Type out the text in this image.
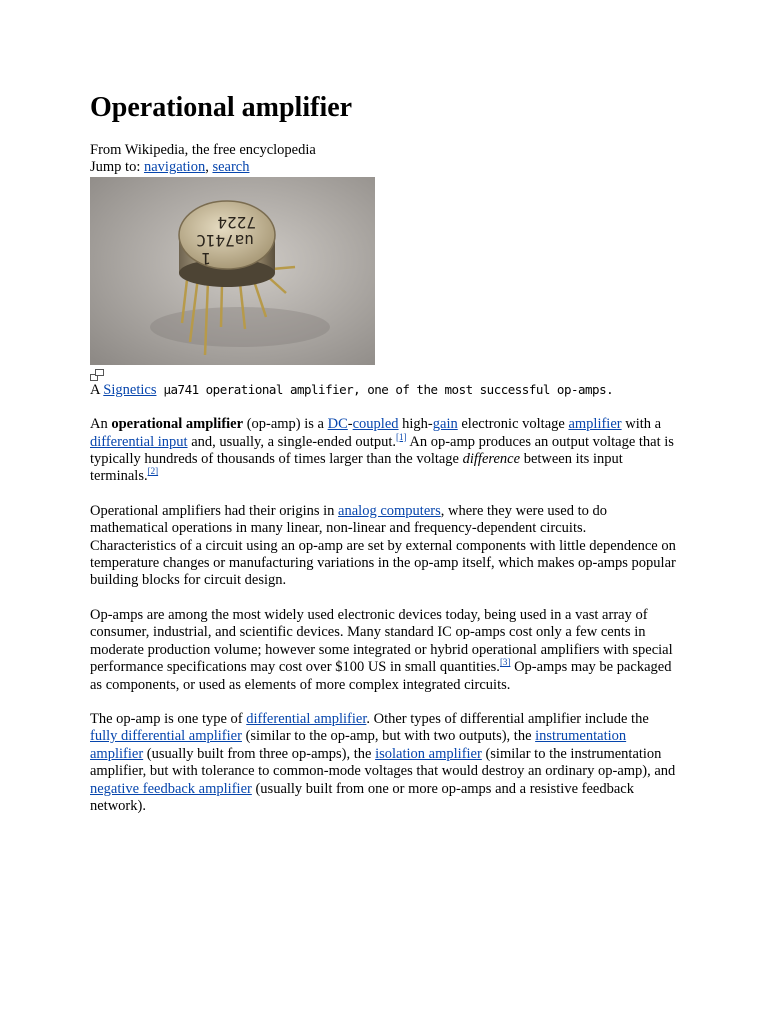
Operational amplifier
From Wikipedia, the free encyclopedia
Jump to: navigation, search
1
ua741C
7224
A Signetics μa741 operational amplifier, one of the most successful op-amps.

An operational amplifier (op-amp) is a DC-coupled high-gain electronic voltage amplifier with a differential input and, usually, a single-ended output.[1] An op-amp produces an output voltage that is typically hundreds of thousands of times larger than the voltage difference between its input terminals.[2]

Operational amplifiers had their origins in analog computers, where they were used to do mathematical operations in many linear, non-linear and frequency-dependent circuits. Characteristics of a circuit using an op-amp are set by external components with little dependence on temperature changes or manufacturing variations in the op-amp itself, which makes op-amps popular building blocks for circuit design.

Op-amps are among the most widely used electronic devices today, being used in a vast array of consumer, industrial, and scientific devices. Many standard IC op-amps cost only a few cents in moderate production volume; however some integrated or hybrid operational amplifiers with special performance specifications may cost over $100 US in small quantities.[3] Op-amps may be packaged as components, or used as elements of more complex integrated circuits.

The op-amp is one type of differential amplifier. Other types of differential amplifier include the fully differential amplifier (similar to the op-amp, but with two outputs), the instrumentation amplifier (usually built from three op-amps), the isolation amplifier (similar to the instrumentation amplifier, but with tolerance to common-mode voltages that would destroy an ordinary op-amp), and negative feedback amplifier (usually built from one or more op-amps and a resistive feedback network).
